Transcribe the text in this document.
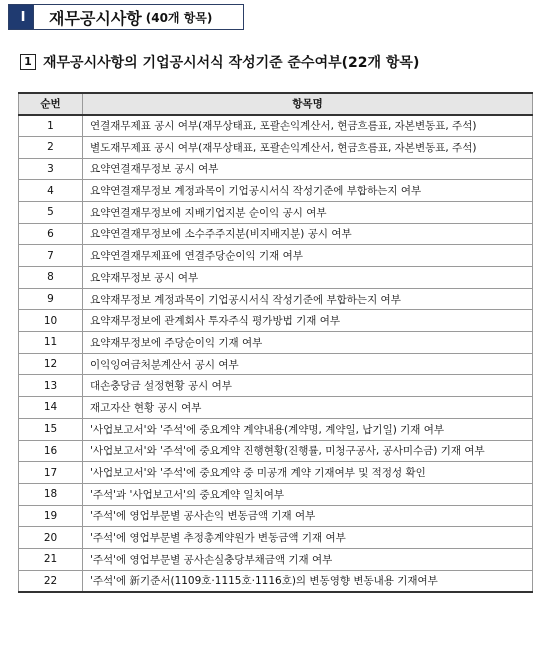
Ⅰ	재무공시사항 (40개 항목)
1 재무공시사항의 기업공시서식 작성기준 준수여부(22개 항목)
순번	항목명
1	연결재무제표 공시 여부(재무상태표, 포괄손익계산서, 현금흐름표, 자본변동표, 주석)
2	별도재무제표 공시 여부(재무상태표, 포괄손익계산서, 현금흐름표, 자본변동표, 주석)
3	요약연결재무정보 공시 여부
4	요약연결재무정보 계정과목이 기업공시서식 작성기준에 부합하는지 여부
5	요약연결재무정보에 지배기업지분 순이익 공시 여부
6	요약연결재무정보에 소수주주지분(비지배지분) 공시 여부
7	요약연결재무제표에 연결주당순이익 기재 여부
8	요약재무정보 공시 여부
9	요약재무정보 계정과목이 기업공시서식 작성기준에 부합하는지 여부
10	요약재무정보에 관계회사 투자주식 평가방법 기재 여부
11	요약재무정보에 주당순이익 기재 여부
12	이익잉여금처분계산서 공시 여부
13	대손충당금 설정현황 공시 여부
14	재고자산 현황 공시 여부
15	'사업보고서'와 '주석'에 중요계약 계약내용(계약명, 계약일, 납기일) 기재 여부
16	'사업보고서'와 '주석'에 중요계약 진행현황(진행률, 미청구공사, 공사미수금) 기재 여부
17	'사업보고서'와 '주석'에 중요계약 중 미공개 계약 기재여부 및 적정성 확인
18	'주석'과 '사업보고서'의 중요계약 일치여부
19	'주석'에 영업부문별 공사손익 변동금액 기재 여부
20	'주석'에 영업부문별 추정총계약원가 변동금액 기재 여부
21	'주석'에 영업부문별 공사손실충당부채금액 기재 여부
22	'주석'에 新기준서(1109호·1115호·1116호)의 변동영향 변동내용 기재여부
